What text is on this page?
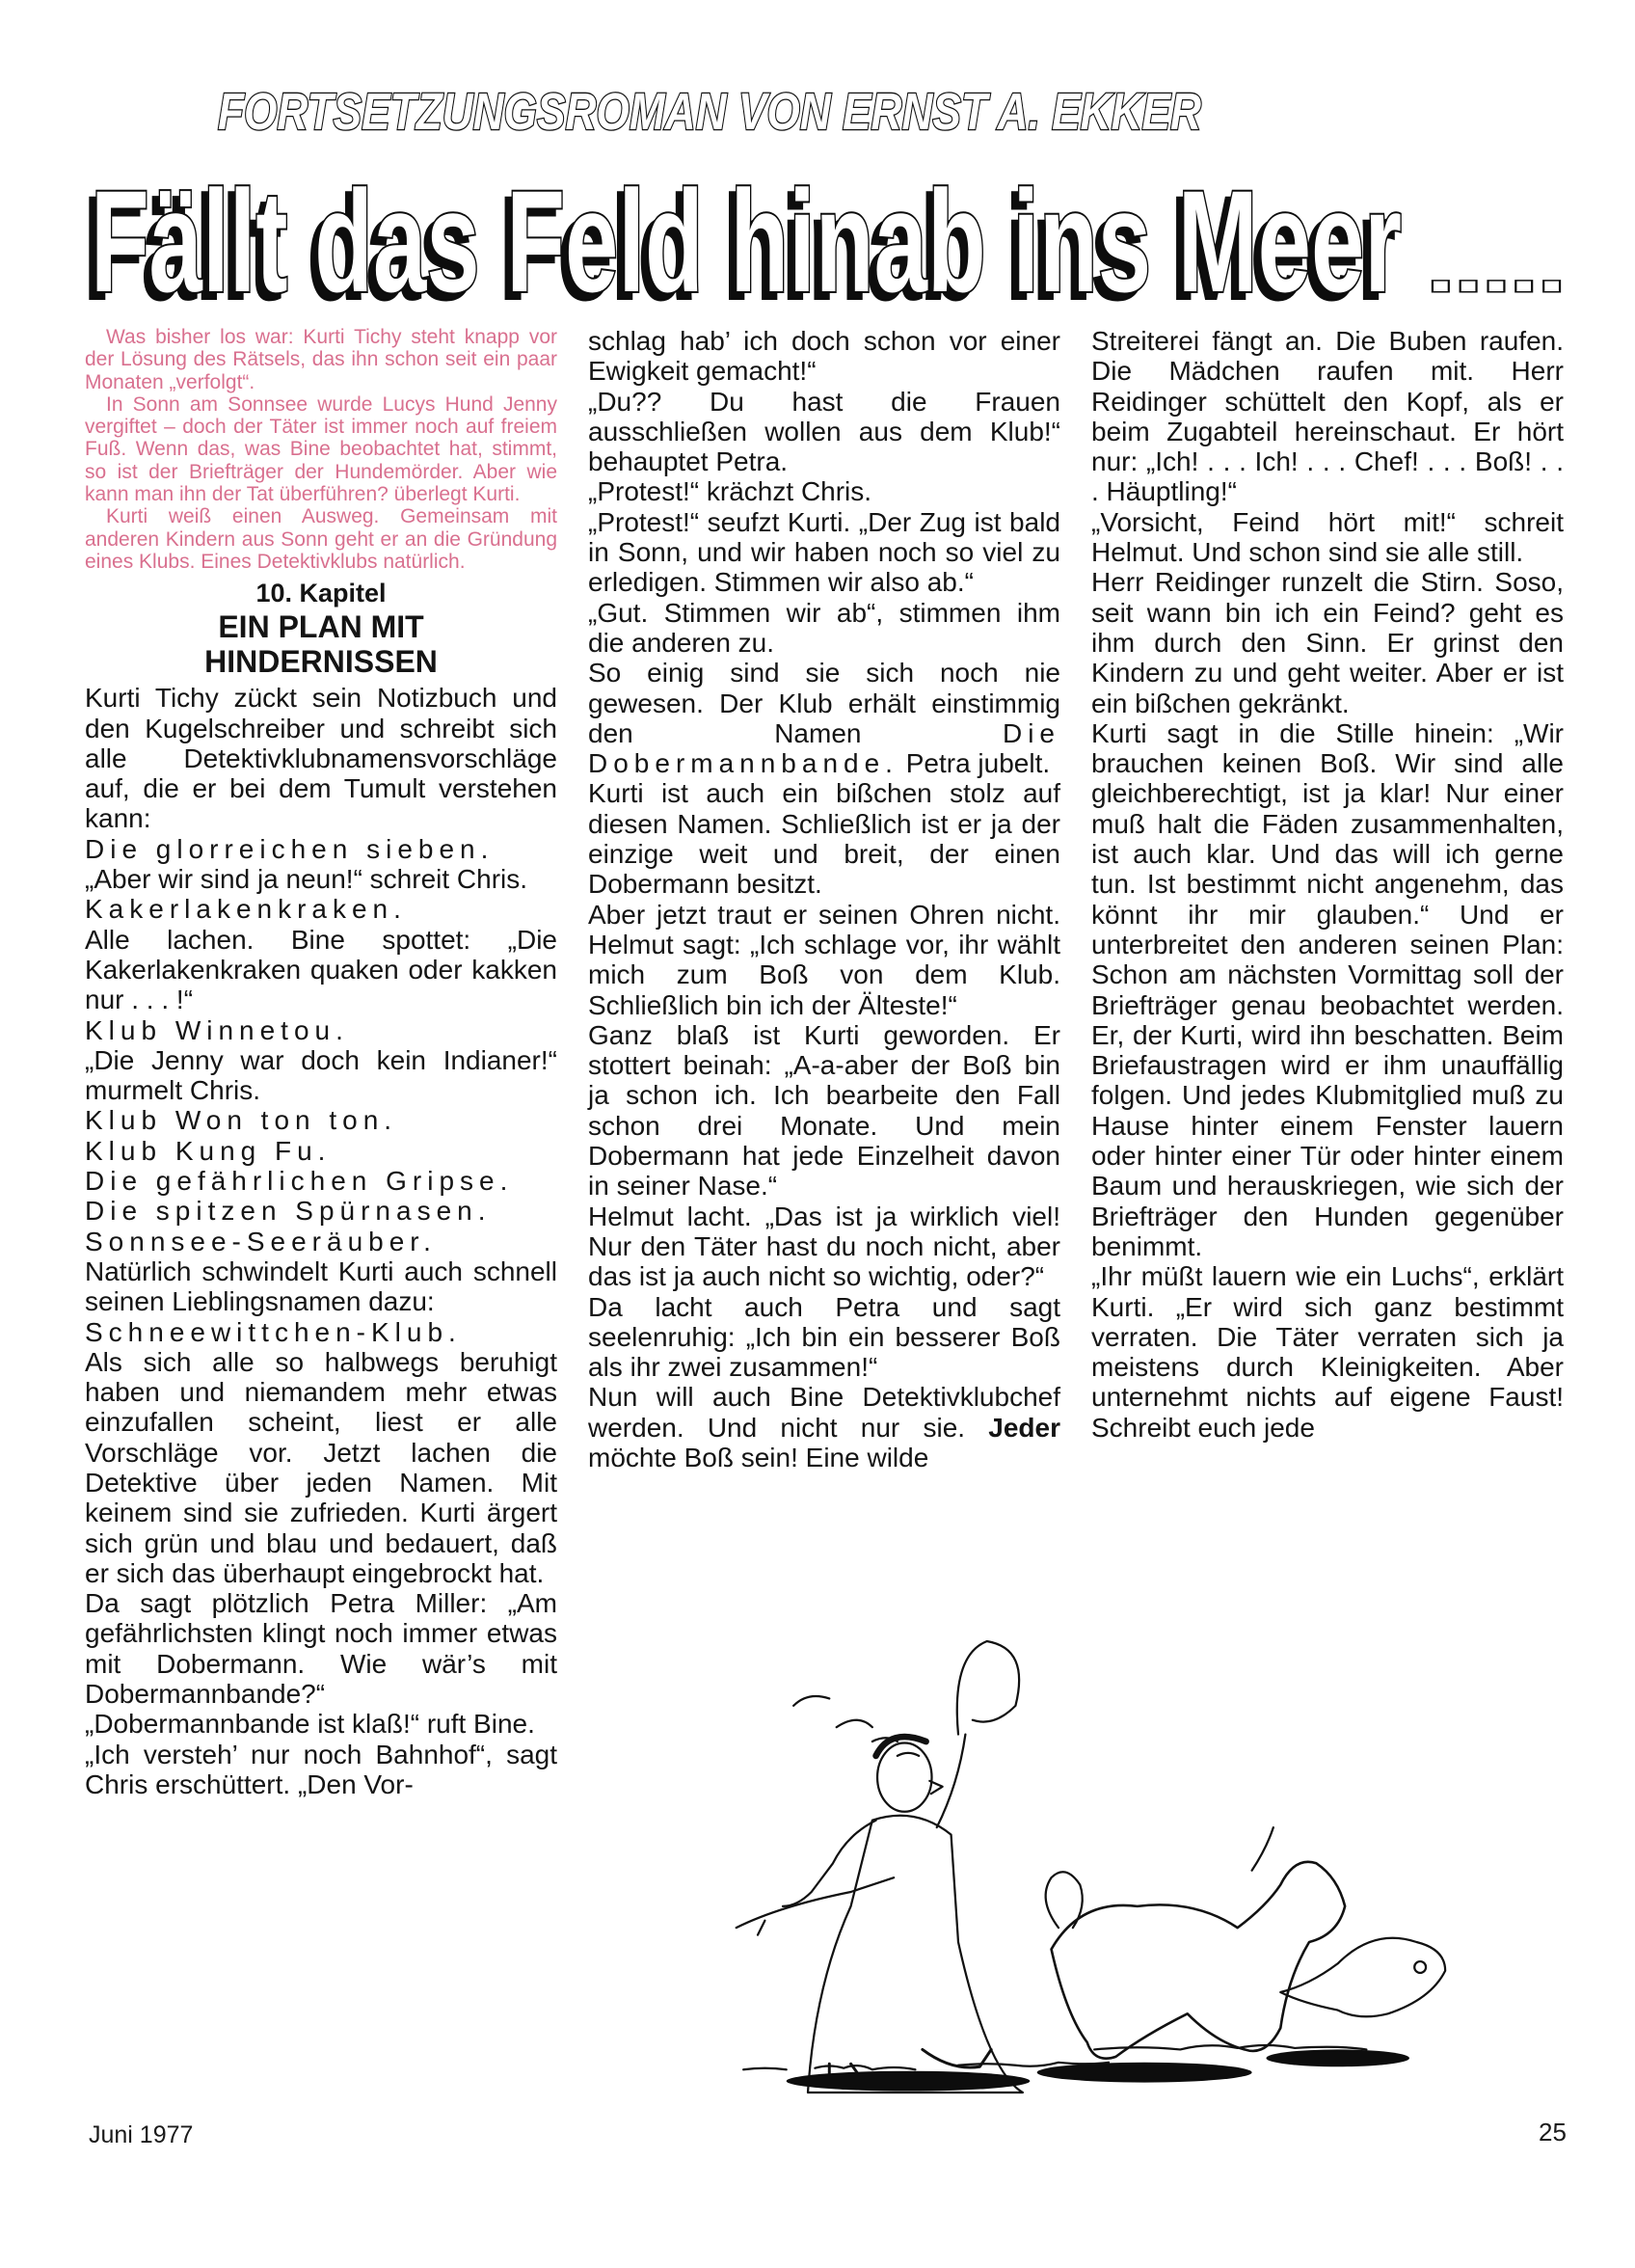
FORTSETZUNGSROMAN VON ERNST A. EKKER
Fällt das Feld hinab ins Meer .....

Was bisher los war: Kurti Tichy steht knapp vor der Lösung des Rätsels, das ihn schon seit ein paar Monaten „verfolgt“.

In Sonn am Sonnsee wurde Lucys Hund Jenny vergiftet – doch der Täter ist immer noch auf freiem Fuß. Wenn das, was Bine beobachtet hat, stimmt, so ist der Briefträger der Hundemörder. Aber wie kann man ihn der Tat überführen? überlegt Kurti.

Kurti weiß einen Ausweg. Gemeinsam mit anderen Kindern aus Sonn geht er an die Gründung eines Klubs. Eines Detektivklubs natürlich.

10. Kapitel
EIN PLAN MIT
HINDERNISSEN

Kurti Tichy zückt sein Notizbuch und den Kugelschreiber und schreibt sich alle Detektivklubnamensvorschläge auf, die er bei dem Tumult verstehen kann:

Die glorreichen sieben.

„Aber wir sind ja neun!“ schreit Chris.

Kakerlakenkraken.

Alle lachen. Bine spottet: „Die Kakerlakenkraken quaken oder kakken nur . . . !“

Klub Winnetou.

„Die Jenny war doch kein Indianer!“ murmelt Chris.

Klub Won ton ton.

Klub Kung Fu.

Die gefährlichen Gripse.

Die spitzen Spürnasen.

Sonnsee-Seeräuber.

Natürlich schwindelt Kurti auch schnell seinen Lieblingsnamen dazu:

Schneewittchen-Klub.

Als sich alle so halbwegs beruhigt haben und niemandem mehr etwas einzufallen scheint, liest er alle Vorschläge vor. Jetzt lachen die Detektive über jeden Namen. Mit keinem sind sie zufrieden. Kurti ärgert sich grün und blau und bedauert, daß er sich das überhaupt eingebrockt hat.

Da sagt plötzlich Petra Miller: „Am gefährlichsten klingt noch immer etwas mit Dobermann. Wie wär’s mit Dobermannbande?“

„Dobermannbande ist klaß!“ ruft Bine.

„Ich versteh’ nur noch Bahnhof“, sagt Chris erschüttert. „Den Vor-

schlag hab’ ich doch schon vor einer Ewigkeit gemacht!“

„Du?? Du hast die Frauen ausschließen wollen aus dem Klub!“ behauptet Petra.

„Protest!“ krächzt Chris.

„Protest!“ seufzt Kurti. „Der Zug ist bald in Sonn, und wir haben noch so viel zu erledigen. Stimmen wir also ab.“

„Gut. Stimmen wir ab“, stimmen ihm die anderen zu.

So einig sind sie sich noch nie gewesen. Der Klub erhält einstimmig den Namen Die Dobermannbande. Petra jubelt.

Kurti ist auch ein bißchen stolz auf diesen Namen. Schließlich ist er ja der einzige weit und breit, der einen Dobermann besitzt.

Aber jetzt traut er seinen Ohren nicht. Helmut sagt: „Ich schlage vor, ihr wählt mich zum Boß von dem Klub. Schließlich bin ich der Älteste!“

Ganz blaß ist Kurti geworden. Er stottert beinah: „A-a-aber der Boß bin ja schon ich. Ich bearbeite den Fall schon drei Monate. Und mein Dobermann hat jede Einzelheit davon in seiner Nase.“

Helmut lacht. „Das ist ja wirklich viel! Nur den Täter hast du noch nicht, aber das ist ja auch nicht so wichtig, oder?“

Da lacht auch Petra und sagt seelenruhig: „Ich bin ein besserer Boß als ihr zwei zusammen!“

Nun will auch Bine Detektivklubchef werden. Und nicht nur sie. Jeder möchte Boß sein! Eine wilde

Streiterei fängt an. Die Buben raufen. Die Mädchen raufen mit. Herr Reidinger schüttelt den Kopf, als er beim Zugabteil hereinschaut. Er hört nur: „Ich! . . . Ich! . . . Chef! . . . Boß! . . . Häuptling!“

„Vorsicht, Feind hört mit!“ schreit Helmut. Und schon sind sie alle still.

Herr Reidinger runzelt die Stirn. Soso, seit wann bin ich ein Feind? geht es ihm durch den Sinn. Er grinst den Kindern zu und geht weiter. Aber er ist ein bißchen gekränkt.

Kurti sagt in die Stille hinein: „Wir brauchen keinen Boß. Wir sind alle gleichberechtigt, ist ja klar! Nur einer muß halt die Fäden zusammenhalten, ist auch klar. Und das will ich gerne tun. Ist bestimmt nicht angenehm, das könnt ihr mir glauben.“ Und er unterbreitet den anderen seinen Plan: Schon am nächsten Vormittag soll der Briefträger genau beobachtet werden. Er, der Kurti, wird ihn beschatten. Beim Briefaustragen wird er ihm unauffällig folgen. Und jedes Klubmitglied muß zu Hause hinter einem Fenster lauern oder hinter einer Tür oder hinter einem Baum und herauskriegen, wie sich der Briefträger den Hunden gegenüber benimmt.

„Ihr müßt lauern wie ein Luchs“, erklärt Kurti. „Er wird sich ganz bestimmt verraten. Die Täter verraten sich ja meistens durch Kleinigkeiten. Aber unternehmt nichts auf eigene Faust! Schreibt euch jede

Juni 1977	25
